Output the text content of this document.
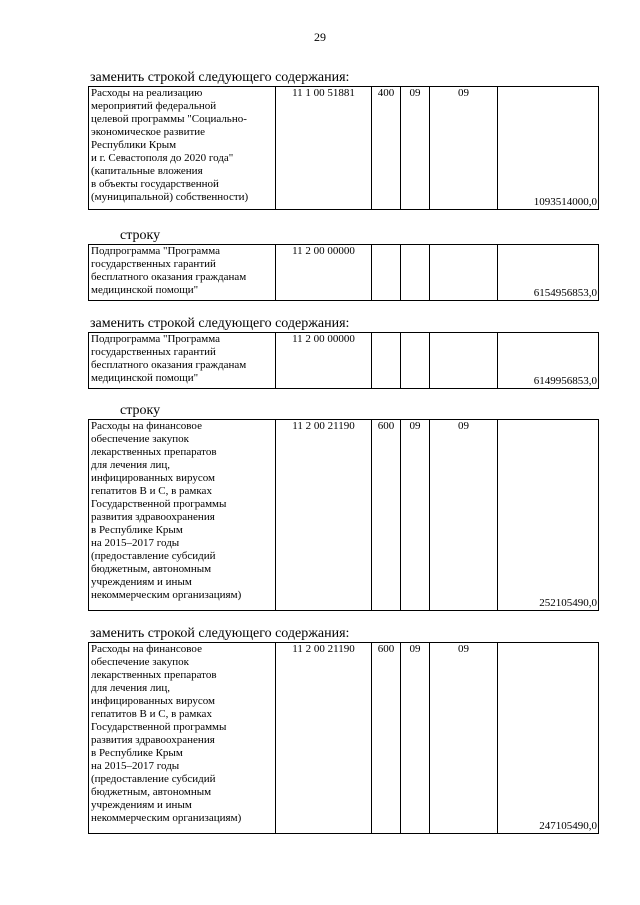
29
заменить строкой следующего содержания:
Расходы на реализацию
мероприятий федеральной
целевой программы "Социально-
экономическое развитие
Республики Крым
и г. Севастополя до 2020 года"
(капитальные вложения
в объекты государственной
(муниципальной) собственности)	11 1 00 51881	400	09	09	1093514000,0
строку
Подпрограмма "Программа
государственных гарантий
бесплатного оказания гражданам
медицинской помощи"	11 2 00 00000				6154956853,0
заменить строкой следующего содержания:
Подпрограмма "Программа
государственных гарантий
бесплатного оказания гражданам
медицинской помощи"	11 2 00 00000				6149956853,0
строку
Расходы на финансовое
обеспечение закупок
лекарственных препаратов
для лечения лиц,
инфицированных вирусом
гепатитов B и C, в рамках
Государственной программы
развития здравоохранения
в Республике Крым
на 2015–2017 годы
(предоставление субсидий
бюджетным, автономным
учреждениям и иным
некоммерческим организациям)	11 2 00 21190	600	09	09	252105490,0
заменить строкой следующего содержания:
Расходы на финансовое
обеспечение закупок
лекарственных препаратов
для лечения лиц,
инфицированных вирусом
гепатитов B и C, в рамках
Государственной программы
развития здравоохранения
в Республике Крым
на 2015–2017 годы
(предоставление субсидий
бюджетным, автономным
учреждениям и иным
некоммерческим организациям)	11 2 00 21190	600	09	09	247105490,0
